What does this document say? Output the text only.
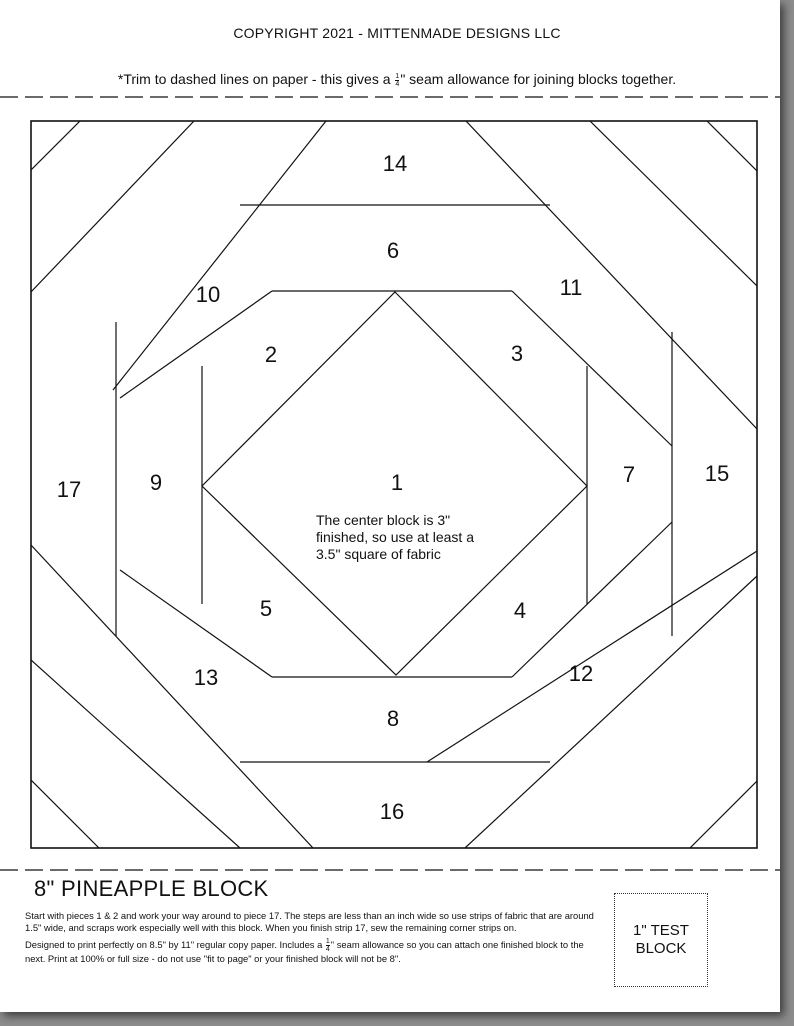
COPYRIGHT 2021 - MITTENMADE DESIGNS LLC
*Trim to dashed lines on paper - this gives a $\frac{1}{4}$ " seam allowance for joining blocks together.
1
2	3
4
5
6
7
8
9
10	11
12
13
14
15
16
17
The center block is 3" finished, so use at least a 3.5" square of fabric
8" PINEAPPLE BLOCK

Start with pieces 1 & 2 and work your way around to piece 17. The steps are less than an inch wide so use strips of fabric that are around 1.5" wide, and scraps work especially well with this block. When you finish strip 17, sew the remaining corner strips on.

Designed to print perfectly on 8.5" by 11" regular copy paper. Includes a $\frac{1}{4}$ " seam allowance so you can attach one finished block to the next. Print at 100% or full size - do not use "fit to page" or your finished block will not be 8".

1" TEST
BLOCK
